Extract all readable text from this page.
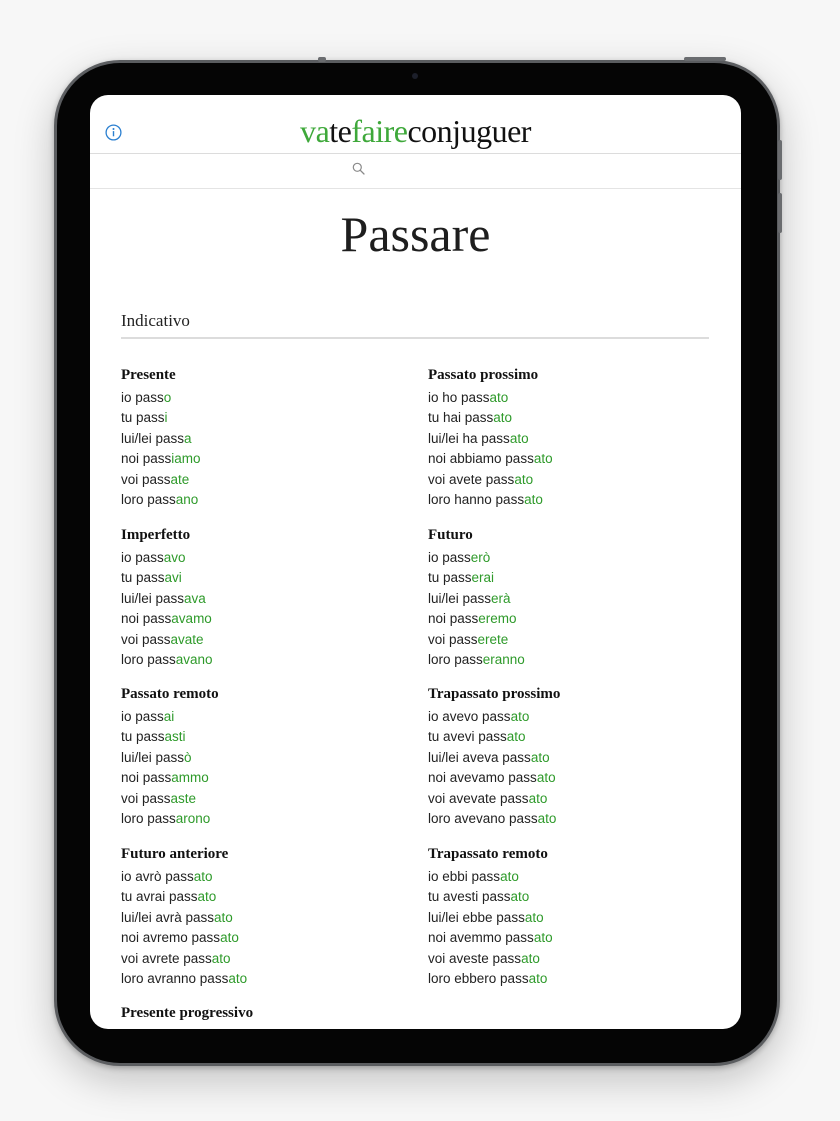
vatefaireconjuguer
Passare
Indicativo
Presente
io passo
tu passi
lui/lei passa
noi passiamo
voi passate
loro passano
Passato prossimo
io ho passato
tu hai passato
lui/lei ha passato
noi abbiamo passato
voi avete passato
loro hanno passato
Imperfetto
io passavo
tu passavi
lui/lei passava
noi passavamo
voi passavate
loro passavano
Futuro
io passerò
tu passerai
lui/lei passerà
noi passeremo
voi passerete
loro passeranno
Passato remoto
io passai
tu passasti
lui/lei passò
noi passammo
voi passaste
loro passarono
Trapassato prossimo
io avevo passato
tu avevi passato
lui/lei aveva passato
noi avevamo passato
voi avevate passato
loro avevano passato
Futuro anteriore
io avrò passato
tu avrai passato
lui/lei avrà passato
noi avremo passato
voi avrete passato
loro avranno passato
Trapassato remoto
io ebbi passato
tu avesti passato
lui/lei ebbe passato
noi avemmo passato
voi aveste passato
loro ebbero passato
Presente progressivo
